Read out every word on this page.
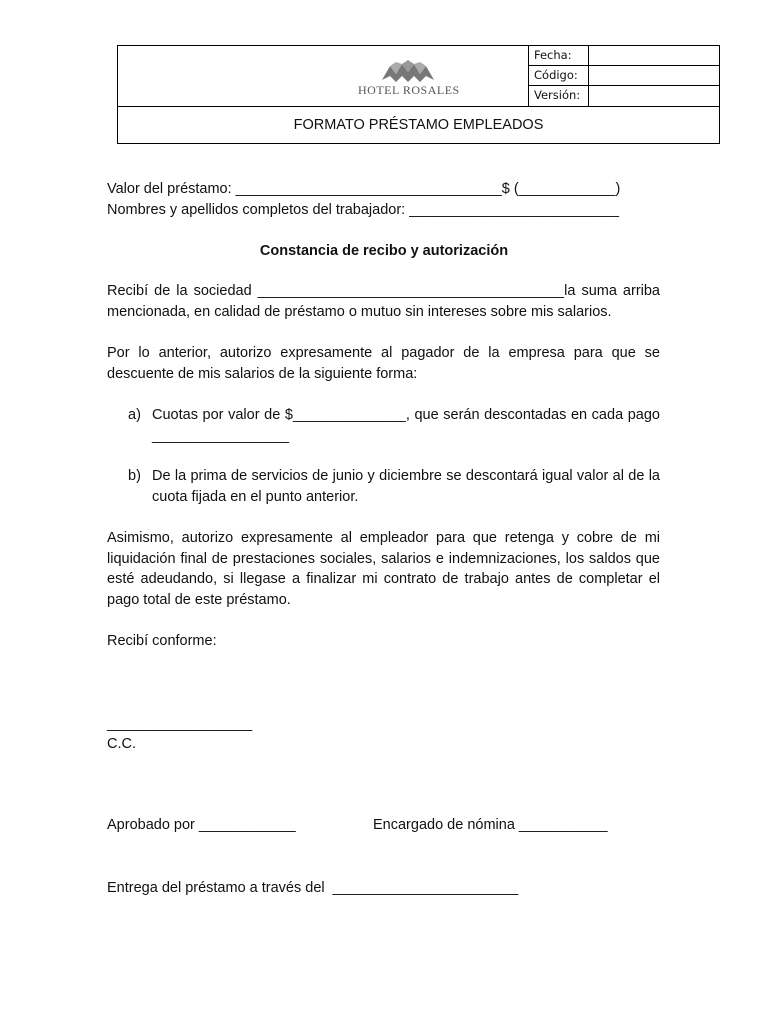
HOTEL ROSALES
Fecha:
Código:
Versión:
FORMATO PRÉSTAMO EMPLEADOS
Valor del préstamo: _________________________________$ (____________)
Nombres y apellidos completos del trabajador: __________________________
Constancia de recibo y autorización
Recibí de la sociedad ______________________________________la suma arriba mencionada, en calidad de préstamo o mutuo sin intereses sobre mis salarios.
Por lo anterior, autorizo expresamente al pagador de la empresa para que se descuente de mis salarios de la siguiente forma:
a) Cuotas por valor de $______________, que serán descontadas en cada pago _________________
b) De la prima de servicios de junio y diciembre se descontará igual valor al de la cuota fijada en el punto anterior.
Asimismo, autorizo expresamente al empleador para que retenga y cobre de mi liquidación final de prestaciones sociales, salarios e indemnizaciones, los saldos que esté adeudando, si llegase a finalizar mi contrato de trabajo antes de completar el pago total de este préstamo.
Recibí conforme:
__________________
C.C.
Aprobado por ____________	Encargado de nómina ___________
Entrega del préstamo a través del  _______________________
